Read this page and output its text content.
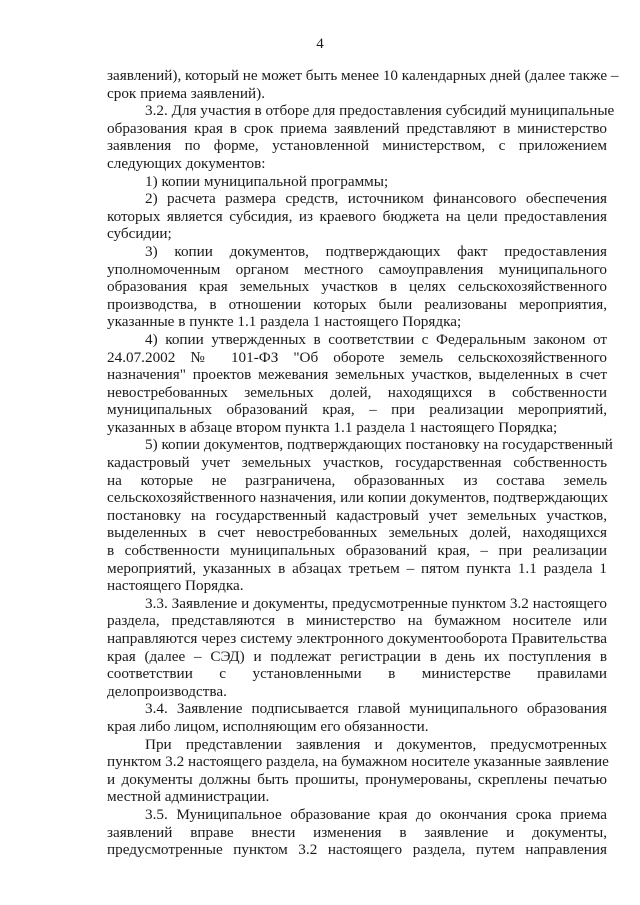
4
заявлений), который не может быть менее 10 календарных дней (далее также –
срок приема заявлений).
3.2. Для участия в отборе для предоставления субсидий муниципальные
образования края в срок приема заявлений представляют в министерство
заявления по форме, установленной министерством, с приложением
следующих документов:
1) копии муниципальной программы;
2) расчета размера средств, источником финансового обеспечения
которых является субсидия, из краевого бюджета на цели предоставления
субсидии;
3) копии документов, подтверждающих факт предоставления
уполномоченным органом местного самоуправления муниципального
образования края земельных участков в целях сельскохозяйственного
производства, в отношении которых были реализованы мероприятия,
указанные в пункте 1.1 раздела 1 настоящего Порядка;
4) копии утвержденных в соответствии с Федеральным законом от
24.07.2002 № 101-ФЗ "Об обороте земель сельскохозяйственного
назначения" проектов межевания земельных участков, выделенных в счет
невостребованных земельных долей, находящихся в собственности
муниципальных образований края, – при реализации мероприятий,
указанных в абзаце втором пункта 1.1 раздела 1 настоящего Порядка;
5) копии документов, подтверждающих постановку на государственный
кадастровый учет земельных участков, государственная собственность
на которые не разграничена, образованных из состава земель
сельскохозяйственного назначения, или копии документов, подтверждающих
постановку на государственный кадастровый учет земельных участков,
выделенных в счет невостребованных земельных долей, находящихся
в собственности муниципальных образований края, – при реализации
мероприятий, указанных в абзацах третьем – пятом пункта 1.1 раздела 1
настоящего Порядка.
3.3. Заявление и документы, предусмотренные пунктом 3.2 настоящего
раздела, представляются в министерство на бумажном носителе или
направляются через систему электронного документооборота Правительства
края (далее – СЭД) и подлежат регистрации в день их поступления в
соответствии с установленными в министерстве правилами
делопроизводства.
3.4. Заявление подписывается главой муниципального образования
края либо лицом, исполняющим его обязанности.
При представлении заявления и документов, предусмотренных
пунктом 3.2 настоящего раздела, на бумажном носителе указанные заявление
и документы должны быть прошиты, пронумерованы, скреплены печатью
местной администрации.
3.5. Муниципальное образование края до окончания срока приема
заявлений вправе внести изменения в заявление и документы,
предусмотренные пунктом 3.2 настоящего раздела, путем направления
